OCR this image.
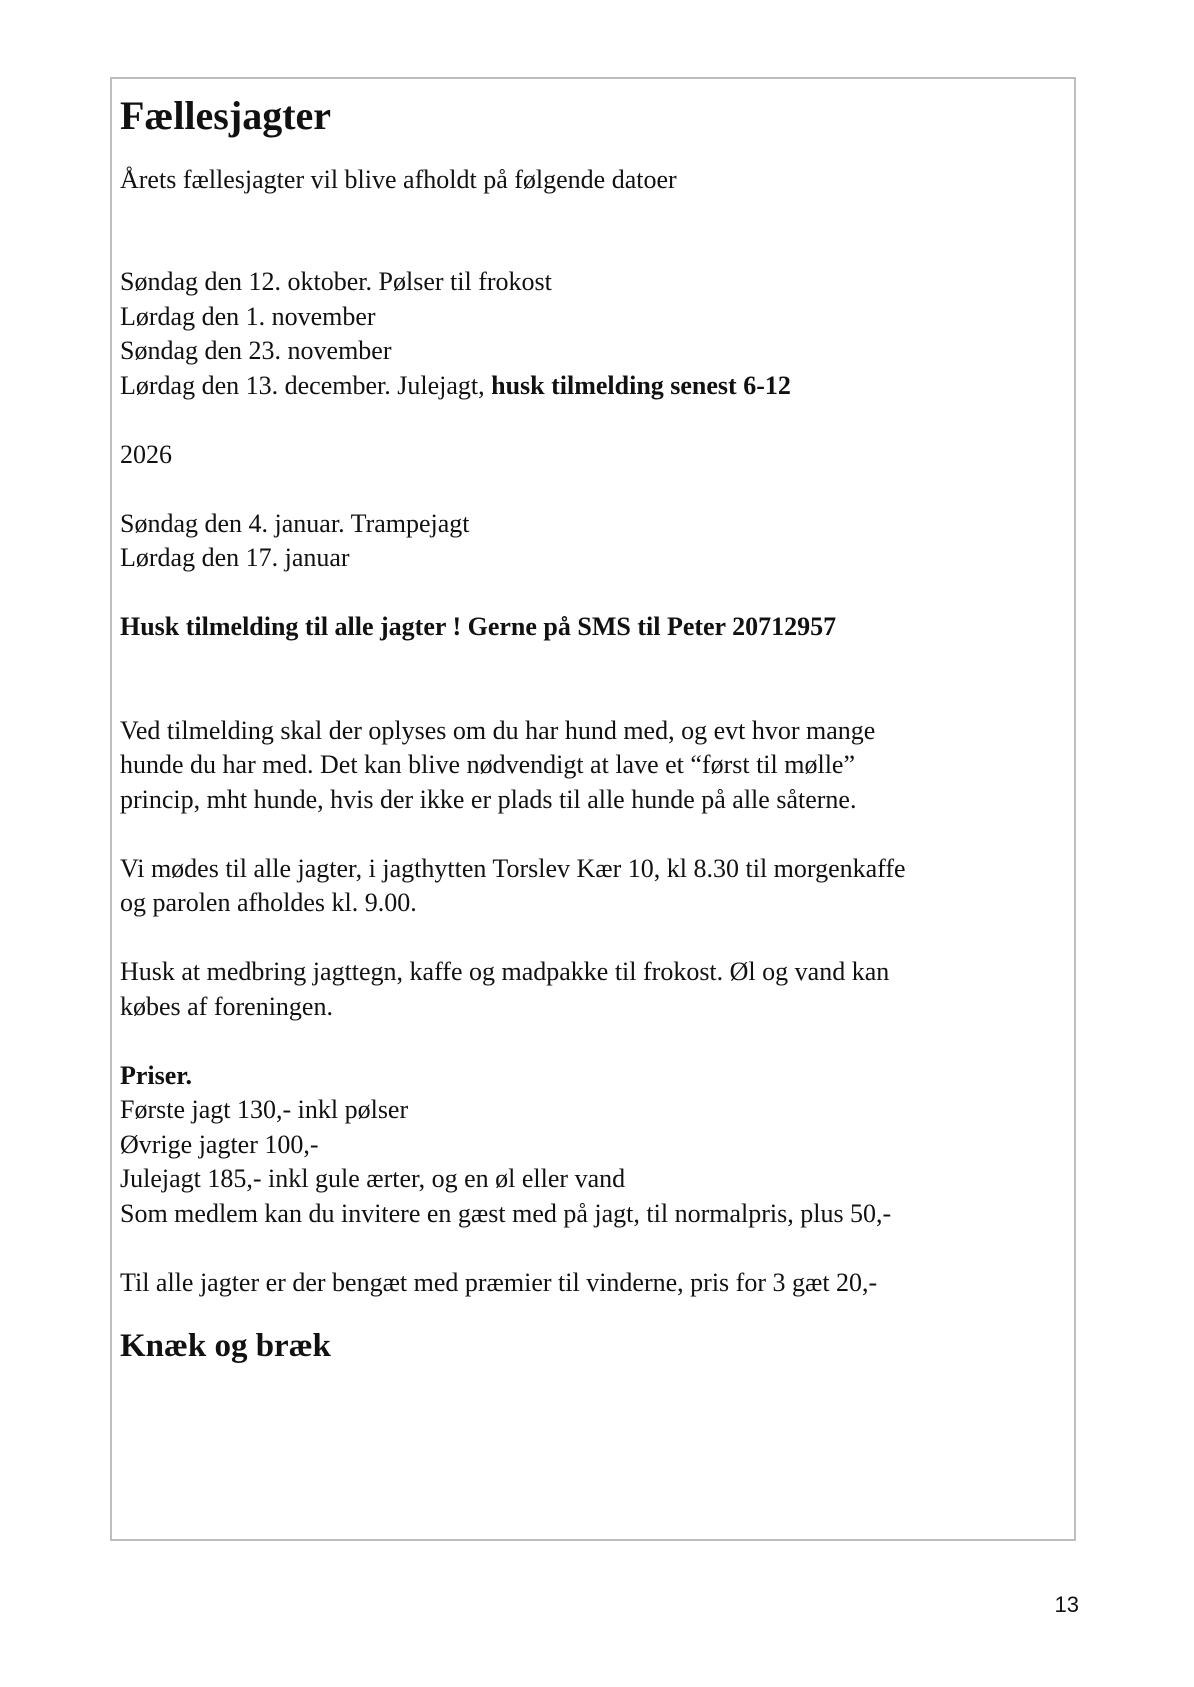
Fællesjagter
Årets fællesjagter vil blive afholdt på følgende datoer
Søndag den 12. oktober. Pølser til frokost
Lørdag den 1. november
Søndag den 23. november
Lørdag den 13. december. Julejagt, husk tilmelding senest 6-12
2026
Søndag den 4. januar. Trampejagt
Lørdag den 17. januar
Husk tilmelding til alle jagter ! Gerne på SMS til Peter 20712957
Ved tilmelding skal der oplyses om du har hund med, og evt hvor mange
hunde du har med. Det kan blive nødvendigt at lave et “først til mølle”
princip, mht hunde, hvis der ikke er plads til alle hunde på alle såterne.
Vi mødes til alle jagter, i jagthytten Torslev Kær 10, kl 8.30 til morgenkaffe
og parolen afholdes kl. 9.00.
Husk at medbring jagttegn, kaffe og madpakke til frokost. Øl og vand kan
købes af foreningen.
Priser.
Første jagt 130,- inkl pølser
Øvrige jagter 100,-
Julejagt 185,- inkl gule ærter, og en øl eller vand
Som medlem kan du invitere en gæst med på jagt, til normalpris, plus 50,-
Til alle jagter er der bengæt med præmier til vinderne, pris for 3 gæt 20,-
Knæk og bræk
13
